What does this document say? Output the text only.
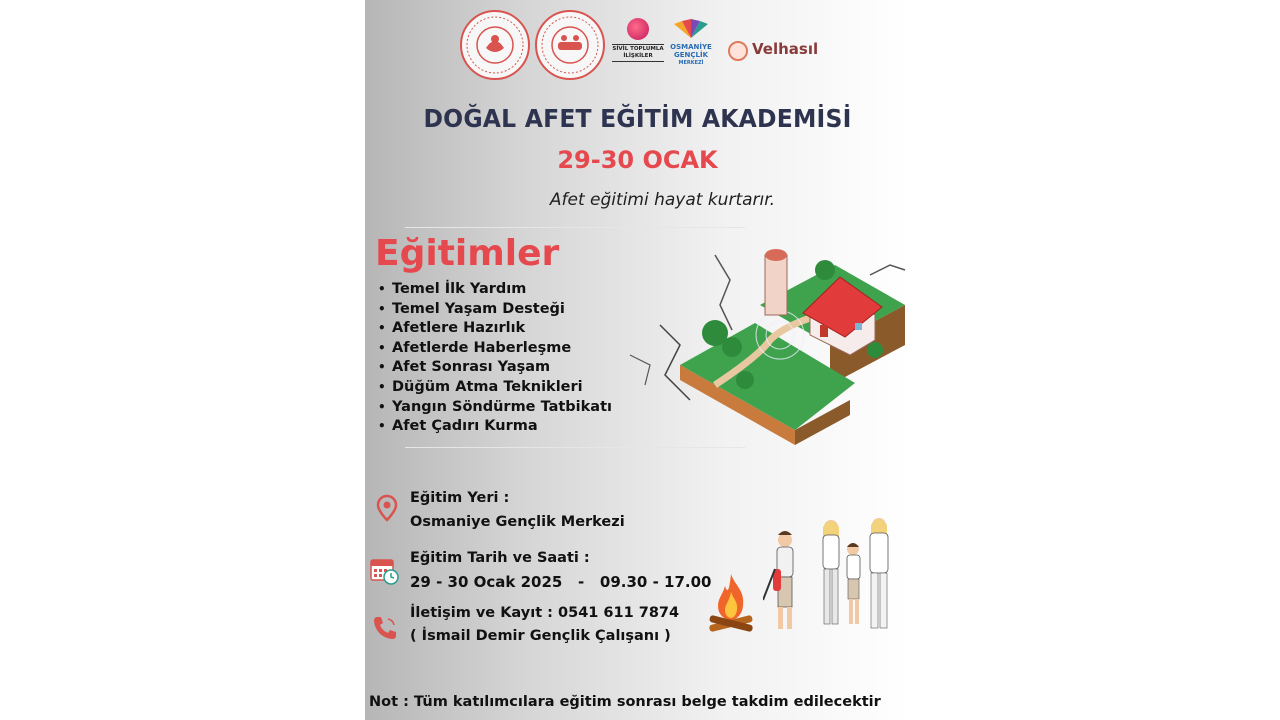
SİVİL TOPLUMLA
İLİŞKİLER
OSMANİYE
GENÇLİK
MERKEZİ
Velhasıl
DOĞAL AFET EĞİTİM AKADEMİSİ
29-30 OCAK
Afet eğitimi hayat kurtarır.
Eğitimler
• Temel İlk Yardım
• Temel Yaşam Desteği
• Afetlere Hazırlık
• Afetlerde Haberleşme
• Afet Sonrası Yaşam
• Düğüm Atma Teknikleri
• Yangın Söndürme Tatbikatı
• Afet Çadırı Kurma
Eğitim Yeri :
Osmaniye Gençlik Merkezi
Eğitim Tarih ve Saati :
29 - 30 Ocak 2025   -   09.30 - 17.00
İletişim ve Kayıt : 0541 611 7874
( İsmail Demir Gençlik Çalışanı )
Not : Tüm katılımcılara eğitim sonrası belge takdim edilecektir
